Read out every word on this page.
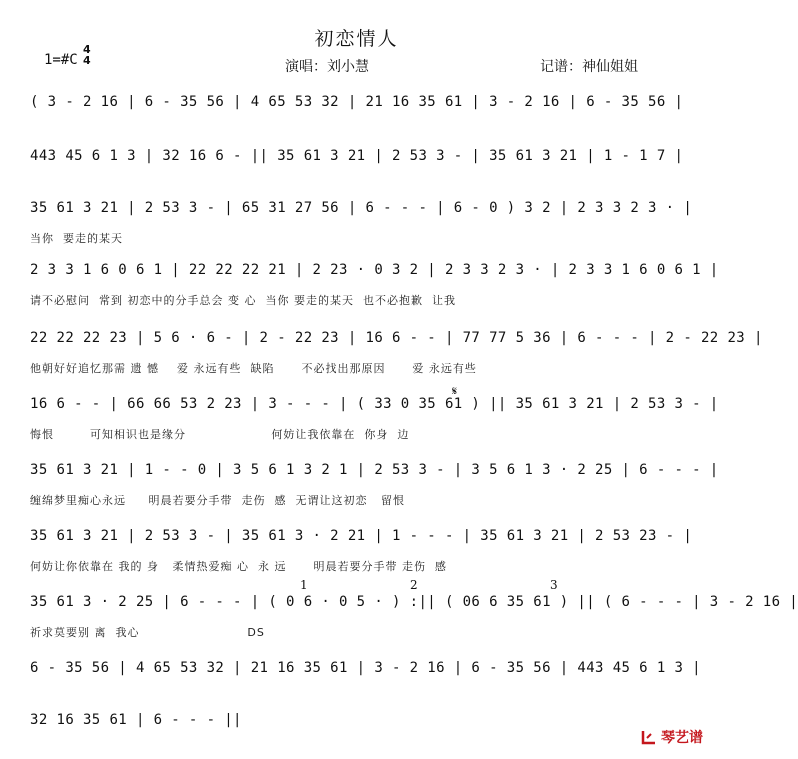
初恋情人
1=#C
4
4	演唱：刘小慧	记谱：神仙姐姐
( 3 - 2 16 | 6 - 35 56 | 4 65 53 32 | 21 16 35 61 | 3 - 2 16 | 6 - 35 56 |
443 45 6 1 3 | 32 16 6 - || 35 61 3 21 | 2 53 3 - | 35 61 3 21 | 1 - 1 7 |
35 61 3 21 | 2 53 3 - | 65 31 27 56 | 6 - - - | 6 - 0 ) 3 2 | 2 3 3 2 3 · |
当你  要走的某天
2 3 3 1 6 0 6 1 | 22 22 22 21 | 2 23 · 0 3 2 | 2 3 3 2 3 · | 2 3 3 1 6 0 6 1 |
请不必慰问  常到 初恋中的分手总会 变 心  当你 要走的某天  也不必抱歉  让我
22 22 22 23 | 5 6 · 6 - | 2 - 22 23 | 16 6 - - | 77 77 5 36 | 6 - - - | 2 - 22 23 |
他朝好好追忆那需 遗 憾    爱 永远有些  缺陷      不必找出那原因      爱 永远有些
16 6 - - | 66 66 53 2 23 | 3 - - - | ( 33 0 35 61 ) || 35 61 3 21 | 2 53 3 - |
悔恨        可知相识也是缘分                   何妨让我依靠在  你身  边
35 61 3 21 | 1 - - 0 | 3 5 6 1 3 2 1 | 2 53 3 - | 3 5 6 1 3 · 2 25 | 6 - - - |
缠绵梦里痴心永远     明晨若要分手带  走伤  感  无谓让这初恋   留恨
35 61 3 21 | 2 53 3 - | 35 61 3 · 2 21 | 1 - - - | 35 61 3 21 | 2 53 23 - |
何妨让你依靠在 我的 身   柔情热爱痴 心  永 远      明晨若要分手带 走伤  感
35 61 3 · 2 25 | 6 - - - | ( 0 6 · 0 5 · ) :|| ( 06 6 35 61 ) || ( 6 - - - | 3 - 2 16 |
祈求莫要别 离  我心                        DS
6 - 35 56 | 4 65 53 32 | 21 16 35 61 | 3 - 2 16 | 6 - 35 56 | 443 45 6 1 3 |
32 16 35 61 | 6 - - - ||
𝄋
1	2	3
琴艺谱
